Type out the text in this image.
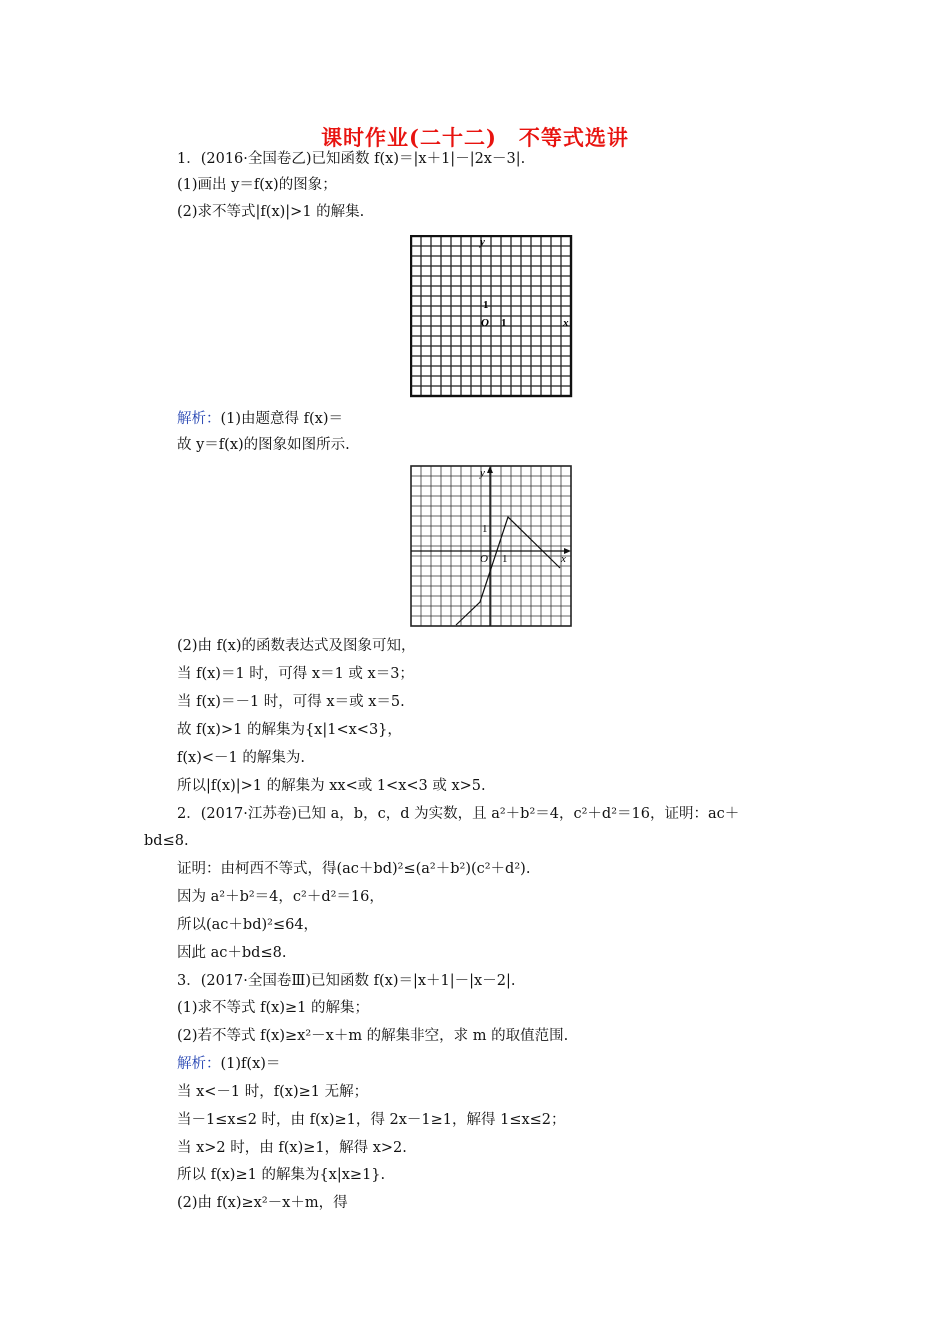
课时作业(二十二)　不等式选讲
1．(2016·全国卷乙)已知函数 f(x)＝|x＋1|－|2x－3|.
(1)画出 y＝f(x)的图象；
(2)求不等式|f(x)|>1 的解集.
y
1
O 1	x
解析：(1)由题意得 f(x)＝
故 y＝f(x)的图象如图所示.
y
1
O 1	x
(2)由 f(x)的函数表达式及图象可知，
当 f(x)＝1 时，可得 x＝1 或 x＝3；
当 f(x)＝－1 时，可得 x＝或 x＝5.
故 f(x)>1 的解集为{x|1<x<3}，
f(x)<－1 的解集为.
所以|f(x)|>1 的解集为 xx<或 1<x<3 或 x>5.
2．(2017·江苏卷)已知 a，b，c，d 为实数，且 a²＋b²＝4，c²＋d²＝16，证明：ac＋
bd≤8.
证明：由柯西不等式，得(ac＋bd)²≤(a²＋b²)(c²＋d²).
因为 a²＋b²＝4，c²＋d²＝16，
所以(ac＋bd)²≤64，
因此 ac＋bd≤8.
3．(2017·全国卷Ⅲ)已知函数 f(x)＝|x＋1|－|x－2|.
(1)求不等式 f(x)≥1 的解集；
(2)若不等式 f(x)≥x²－x＋m 的解集非空，求 m 的取值范围.
解析：(1)f(x)＝
当 x<－1 时，f(x)≥1 无解；
当－1≤x≤2 时，由 f(x)≥1，得 2x－1≥1，解得 1≤x≤2；
当 x>2 时，由 f(x)≥1，解得 x>2.
所以 f(x)≥1 的解集为{x|x≥1}.
(2)由 f(x)≥x²－x＋m，得
